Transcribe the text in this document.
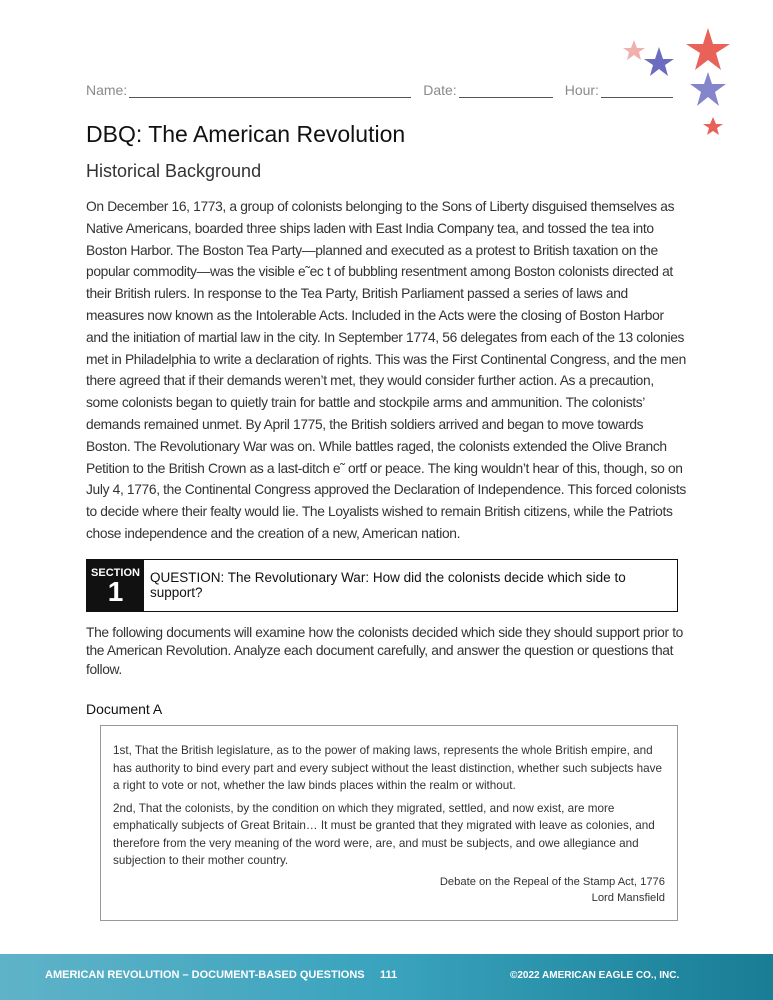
Name:	Date:	Hour:
DBQ: The American Revolution
Historical Background
On December 16, 1773, a group of colonists belonging to the Sons of Liberty disguised themselves as Native Americans, boarded three ships laden with East India Company tea, and tossed the tea into Boston Harbor. The Boston Tea Party—planned and executed as a protest to British taxation on the popular commodity—was the visible e˜ec t of bubbling resentment among Boston colonists directed at their British rulers. In response to the Tea Party, British Parliament passed a series of laws and measures now known as the Intolerable Acts. Included in the Acts were the closing of Boston Harbor and the initiation of martial law in the city. In September 1774, 56 delegates from each of the 13 colonies met in Philadelphia to write a declaration of rights. This was the First Continental Congress, and the men there agreed that if their demands weren’t met, they would consider further action. As a precaution, some colonists began to quietly train for battle and stockpile arms and ammunition. The colonists’ demands remained unmet. By April 1775, the British soldiers arrived and began to move towards Boston. The Revolutionary War was on. While battles raged, the colonists extended the Olive Branch Petition to the British Crown as a last-ditch e˜ ortf or peace. The king wouldn’t hear of this, though, so on July 4, 1776, the Continental Congress approved the Declaration of Independence. This forced colonists to decide where their fealty would lie. The Loyalists wished to remain British citizens, while the Patriots chose independence and the creation of a new, American nation.
SECTION
1	QUESTION: The Revolutionary War: How did the colonists decide which side to support?
The following documents will examine how the colonists decided which side they should support prior to the American Revolution. Analyze each document carefully, and answer the question or questions that follow.
Document A

1st, That the British legislature, as to the power of making laws, represents the whole British empire, and has authority to bind every part and every subject without the least distinction, whether such subjects have a right to vote or not, whether the law binds places within the realm or without.

2nd, That the colonists, by the condition on which they migrated, settled, and now exist, are more emphatically subjects of Great Britain… It must be granted that they migrated with leave as colonies, and therefore from the very meaning of the word were, are, and must be subjects, and owe allegiance and subjection to their mother country.

Debate on the Repeal of the Stamp Act, 1776
Lord Mansfield
AMERICAN REVOLUTION – DOCUMENT-BASED QUESTIONS 111	©2022 AMERICAN EAGLE CO., INC.
